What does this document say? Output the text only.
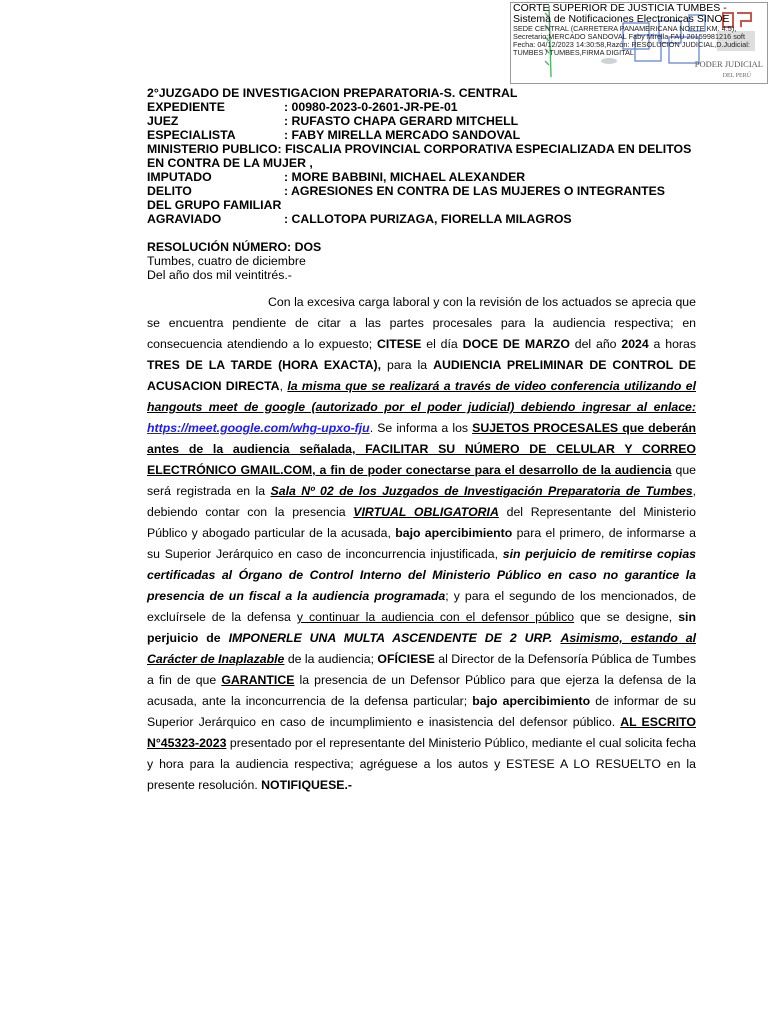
CORTE SUPERIOR DE JUSTICIA TUMBES -
Sistema de Notificaciones Electronicas SINOE
SEDE CENTRAL (CARRETERA PANAMERICANA NORTE KM. 4.5),
Secretario:MERCADO SANDOVAL Faby Mirella FAU 20159981216 soft
Fecha: 04/12/2023 14:30:58,Razón: RESOLUCIÓN JUDICIAL,D.Judicial:
TUMBES / TUMBES,FIRMA DIGITAL
PODER JUDICIAL
DEL PERÚ
2°JUZGADO DE INVESTIGACION PREPARATORIA-S. CENTRAL
EXPEDIENTE	: 00980-2023-0-2601-JR-PE-01
JUEZ	: RUFASTO CHAPA GERARD MITCHELL
ESPECIALISTA	: FABY MIRELLA MERCADO SANDOVAL
MINISTERIO PUBLICO: FISCALIA PROVINCIAL CORPORATIVA ESPECIALIZADA EN DELITOS EN CONTRA DE LA MUJER ,
IMPUTADO	: MORE BABBINI, MICHAEL ALEXANDER
DELITO	: AGRESIONES EN CONTRA DE LAS MUJERES O INTEGRANTES
DEL GRUPO FAMILIAR
AGRAVIADO	: CALLOTOPA PURIZAGA, FIORELLA MILAGROS
RESOLUCIÓN NÚMERO: DOS
Tumbes, cuatro de diciembre
Del año dos mil veintitrés.-

Con la excesiva carga laboral y con la revisión de los actuados se aprecia que se encuentra pendiente de citar a las partes procesales para la audiencia respectiva; en consecuencia atendiendo a lo expuesto; CITESE el día DOCE DE MARZO del año 2024 a horas TRES DE LA TARDE (HORA EXACTA), para la AUDIENCIA PRELIMINAR DE CONTROL DE ACUSACION DIRECTA, la misma que se realizará a través de video conferencia utilizando el hangouts meet de google (autorizado por el poder judicial) debiendo ingresar al enlace: https://meet.google.com/whg-upxo-fju. Se informa a los SUJETOS PROCESALES que deberán antes de la audiencia señalada, FACILITAR SU NÚMERO DE CELULAR Y CORREO ELECTRÓNICO GMAIL.COM, a fin de poder conectarse para el desarrollo de la audiencia que será registrada en la Sala Nº 02 de los Juzgados de Investigación Preparatoria de Tumbes, debiendo contar con la presencia VIRTUAL OBLIGATORIA del Representante del Ministerio Público y abogado particular de la acusada, bajo apercibimiento para el primero, de informarse a su Superior Jerárquico en caso de inconcurrencia injustificada, sin perjuicio de remitirse copias certificadas al Órgano de Control Interno del Ministerio Público en caso no garantice la presencia de un fiscal a la audiencia programada; y para el segundo de los mencionados, de excluírsele de la defensa y continuar la audiencia con el defensor público que se designe, sin perjuicio de IMPONERLE UNA MULTA ASCENDENTE DE 2 URP. Asimismo, estando al Carácter de Inaplazable de la audiencia; OFÍCIESE al Director de la Defensoría Pública de Tumbes a fin de que GARANTICE la presencia de un Defensor Público para que ejerza la defensa de la acusada, ante la inconcurrencia de la defensa particular; bajo apercibimiento de informar de su Superior Jerárquico en caso de incumplimiento e inasistencia del defensor público. AL ESCRITO N°45323-2023 presentado por el representante del Ministerio Público, mediante el cual solicita fecha y hora para la audiencia respectiva; agréguese a los autos y ESTESE A LO RESUELTO en la presente resolución. NOTIFIQUESE.-
